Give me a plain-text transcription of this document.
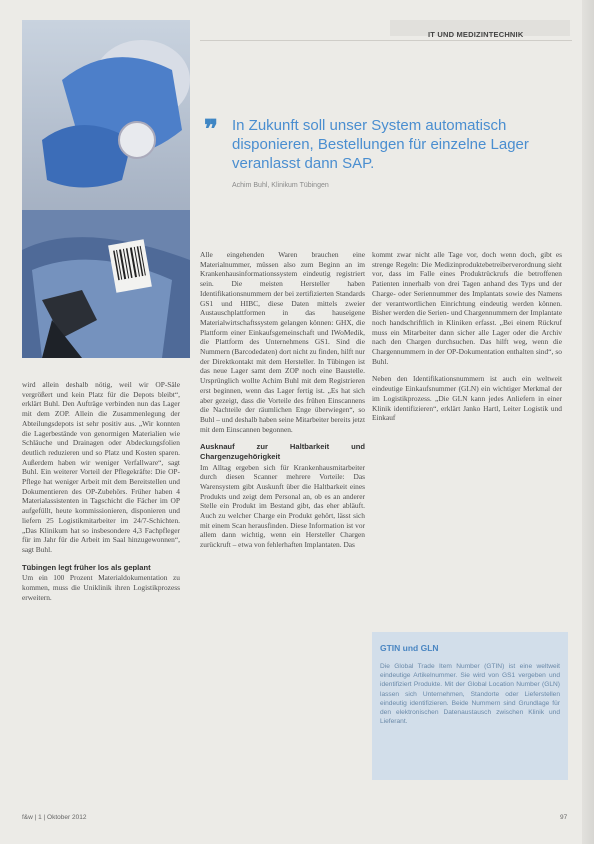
IT UND MEDIZINTECHNIK
❞ In Zukunft soll unser System automatisch disponieren, Bestellungen für einzelne Lager veranlasst dann SAP.
Achim Buhl, Klinikum Tübingen

wird allein deshalb nötig, weil wir OP-Säle vergrößert und kein Platz für die Depots bleibt“, erklärt Buhl. Den Aufträge verbinden nun das Lager mit dem ZOP. Allein die Zusammenlegung der Abteilungsdepots ist sehr positiv aus. „Wir konnten die Lagerbestände von genormigen Materialien wie Schläuche und Drainagen oder Abdeckungsfolien deutlich reduzieren und so Platz und Kosten sparen. Außerdem haben wir weniger Verfallware“, sagt Buhl. Ein weiterer Vorteil der Pflegekräfte: Die OP-Pflege hat weniger Arbeit mit dem Bereitstellen und Dokumentieren des OP-Zubehörs. Früher haben 4 Materialassistenten in Tagschicht die Fächer im OP aufgefüllt, heute kommissionieren, disponieren und liefern 25 Logistikmitarbeiter im 24/7-Schichten. „Das Klinikum hat so insbesondere 4,3 Fachpfleger für im Jahr für die Arbeit im Saal hinzugewonnen“, sagt Buhl.

Tübingen legt früher los als geplant

Um ein 100 Prozent Materialdokumentation zu kommen, muss die Uniklinik ihren Logistikprozess erweitern.

Alle eingehenden Waren brauchen eine Materialnummer, müssen also zum Beginn an im Krankenhausinformationssystem eindeutig registriert sein. Die meisten Hersteller haben Identifikationsnummern der bei zertifizierten Standards GS1 und HIBC, diese Daten mittels zweier Austauschplattformen in das hauseigene Materialwirtschaftssystem gelangen können: GHX, die Plattform einer Einkaufsgemeinschaft und IWoMedik, die Plattform des Unternehmens GS1. Sind die Nummern (Barcodedaten) dort nicht zu finden, hilft nur der Direktkontakt mit dem Hersteller. In Tübingen ist das neue Lager samt dem ZOP noch eine Baustelle. Ursprünglich wollte Achim Buhl mit dem Registrieren erst beginnen, wenn das Lager fertig ist. „Es hat sich aber gezeigt, dass die Vorteile des frühen Einscannens die Nachteile der räumlichen Enge überwiegen“, so Buhl – und deshalb haben seine Mitarbeiter bereits jetzt mit dem Einscannen begonnen.

Ausknauf zur Haltbarkeit und Chargenzugehörigkeit

Im Alltag ergeben sich für Krankenhausmitarbeiter durch diesen Scanner mehrere Vorteile: Das Warensystem gibt Auskunft über die Haltbarkeit eines Produkts und zeigt dem Personal an, ob es an anderer Stelle ein Produkt im Bestand gibt, das eher abläuft. Auch zu welcher Charge ein Produkt gehört, lässt sich mit einem Scan herausfinden. Diese Information ist vor allem dann wichtig, wenn ein Hersteller Chargen zurückruft – etwa von fehlerhaften Implantaten. Das

kommt zwar nicht alle Tage vor, doch wenn doch, gibt es strenge Regeln: Die Medizinproduktebetreiberverordnung sieht vor, dass im Falle eines Produktrückrufs die betroffenen Patienten innerhalb von drei Tagen anhand des Typs und der Charge- oder Seriennummer des Implantats sowie des Namens der verantwortlichen Einrichtung eindeutig werden können. Bisher werden die Serien- und Chargennummern der Implantate noch handschriftlich in Kliniken erfasst. „Bei einem Rückruf muss ein Mitarbeiter dann sicher alle Lager oder die Archiv nach den Chargen durchsuchen. Das hilft weg, wenn die Chargennummern in der OP-Dokumentation enthalten sind“, so Buhl.

Neben den Identifikationsnummern ist auch ein weltweit eindeutige Einkaufsnummer (GLN) ein wichtiger Merkmal der im Logistikprozess. „Die GLN kann jedes Anliefern in einer Klinik identifizieren“, erklärt Janko Hartl, Leiter Logistik und Einkauf

GTIN und GLN
Die Global Trade Item Number (GTIN) ist eine weltweit eindeutige Artikelnummer. Sie wird von GS1 vergeben und identifiziert Produkte. Mit der Global Location Number (GLN) lassen sich Unternehmen, Standorte oder Lieferstellen eindeutig identifizieren. Beide Nummern sind Grundlage für den elektronischen Datenaustausch zwischen Klinik und Lieferant.
f&w | 1 | Oktober 2012	97
